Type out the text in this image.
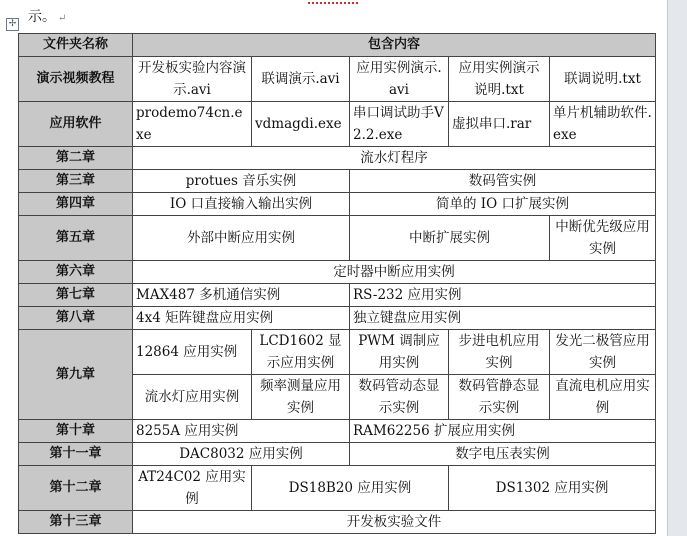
示。 ↵
✢
文件夹名称	包含内容				
演示视频教程	开发板实验内容演示.avi	联调演示.avi	应用实例演示.avi	应用实例演示说明.txt	联调说明.txt
应用软件	prodemo74cn.exe	vdmagdi.exe	串口调试助手V2.2.exe	虚拟串口.rar	单片机辅助软件.exe
第二章	流水灯程序				
第三章	protues 音乐实例		数码管实例		
第四章	IO 口直接输入输出实例		简单的 IO 口扩展实例		
第五章	外部中断应用实例		中断扩展实例		中断优先级应用实例
第六章	定时器中断应用实例				
第七章	MAX487 多机通信实例		RS-232 应用实例		
第八章	4x4 矩阵键盘应用实例		独立键盘应用实例		
第九章	12864 应用实例	LCD1602 显示应用实例	PWM 调制应用实例	步进电机应用实例	发光二极管应用实例
	流水灯应用实例	频率测量应用实例	数码管动态显示实例	数码管静态显示实例	直流电机应用实例
第十章	8255A 应用实例		RAM62256 扩展应用实例		
第十一章	DAC8032 应用实例		数字电压表实例		
第十二章	AT24C02 应用实例	DS18B20 应用实例		DS1302 应用实例	
第十三章	开发板实验文件				
